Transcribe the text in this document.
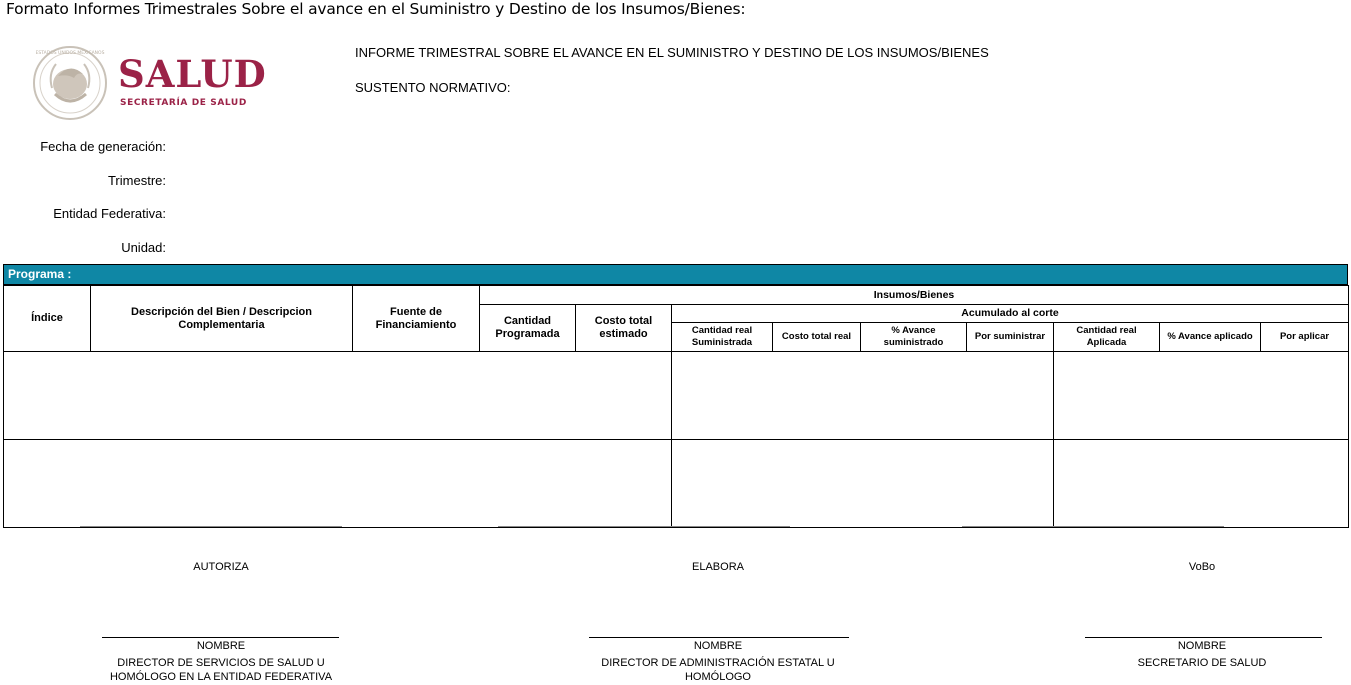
Formato Informes Trimestrales Sobre el avance en el Suministro y Destino de los Insumos/Bienes:
ESTADOS UNIDOS MEXICANOS SALUD
SECRETARÍA DE SALUD
INFORME TRIMESTRAL SOBRE EL AVANCE EN EL SUMINISTRO Y DESTINO DE LOS INSUMOS/BIENES
SUSTENTO NORMATIVO:
Fecha de generación:
Trimestre:
Entidad Federativa:
Unidad:
Programa :
Índice	Descripción del Bien / Descripcion Complementaria	Fuente de Financiamiento	Insumos/Bienes								
			Cantidad Programada	Costo total estimado	Acumulado al corte						
					Cantidad real Suministrada	Costo total real	% Avance suministrado	Por suministrar	Cantidad real Aplicada	% Avance aplicado	Por aplicar

AUTORIZA
NOMBRE
DIRECTOR DE SERVICIOS DE SALUD U
HOMÓLOGO EN LA ENTIDAD FEDERATIVA
ELABORA
NOMBRE
DIRECTOR DE ADMINISTRACIÓN ESTATAL U
HOMÓLOGO
VoBo
NOMBRE
SECRETARIO DE SALUD
